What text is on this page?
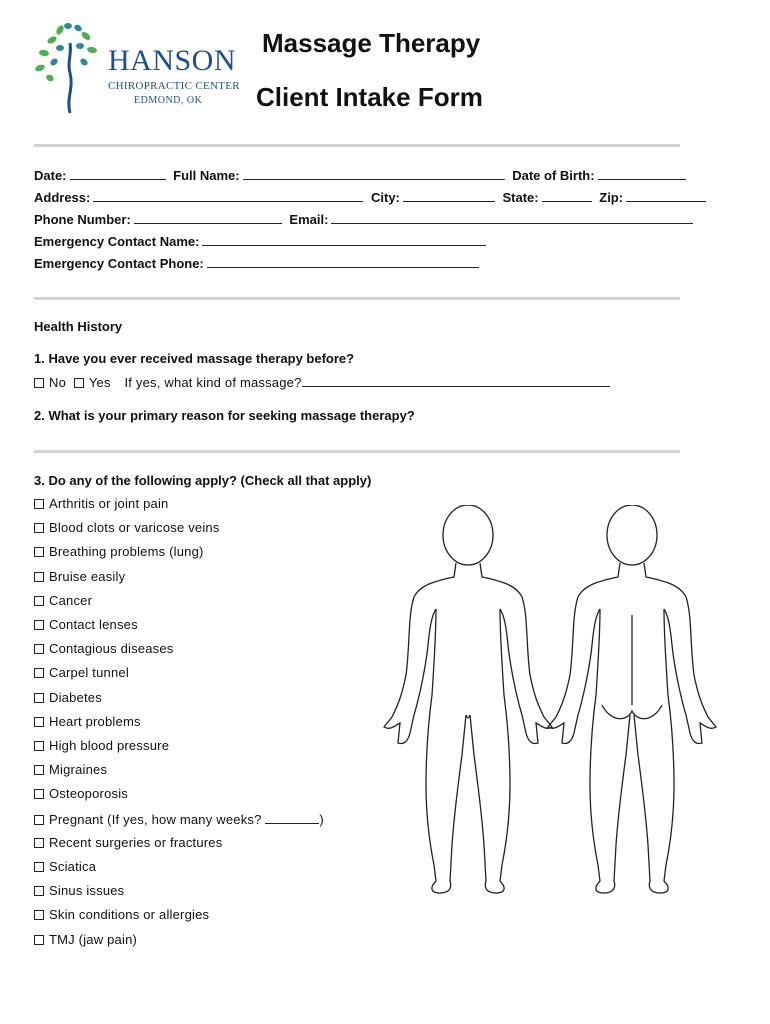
HANSON
CHIROPRACTIC CENTER
EDMOND, OK
Massage Therapy
Client Intake Form
Date:	Full Name:	Date of Birth:
Address:	City:	State:	Zip:
Phone Number:	Email:
Emergency Contact Name:
Emergency Contact Phone:
Health History
1. Have you ever received massage therapy before?
No Yes If yes, what kind of massage?
2. What is your primary reason for seeking massage therapy?
3. Do any of the following apply? (Check all that apply)
Arthritis or joint pain
Blood clots or varicose veins
Breathing problems (lung)
Bruise easily
Cancer
Contact lenses
Contagious diseases
Carpel tunnel
Diabetes
Heart problems
High blood pressure
Migraines
Osteoporosis
Pregnant (If yes, how many weeks?	)
Recent surgeries or fractures
Sciatica
Sinus issues
Skin conditions or allergies
TMJ (jaw pain)
